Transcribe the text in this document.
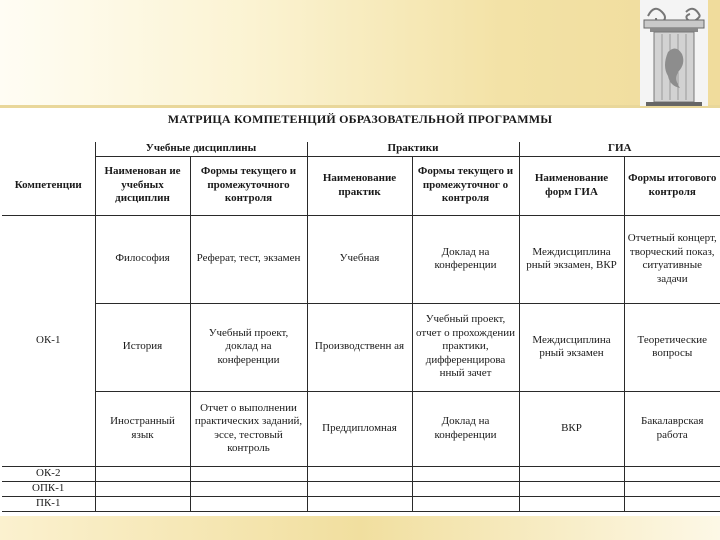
МАТРИЦА КОМПЕТЕНЦИЙ ОБРАЗОВАТЕЛЬНОЙ ПРОГРАММЫ
	Учебные дисциплины		Практики		ГИА	
Компетенции	Наименован ие учебных дисциплин	Формы текущего и промежуточного контроля	Наименование практик	Формы текущего и промежуточног о контроля	Наименование форм ГИА	Формы итогового контроля
ОК-1	Философия	Реферат, тест, экзамен	Учебная	Доклад на конференции	Междисциплина рный экзамен, ВКР	Отчетный концерт, творческий показ, ситуативные задачи
	История	Учебный проект, доклад на конференции	Производственн ая	Учебный проект, отчет о прохождении практики, дифференцирова нный зачет	Междисциплина рный экзамен	Теоретические вопросы
	Иностранный язык	Отчет о выполнении практических заданий, эссе, тестовый контроль	Преддипломная	Доклад на конференции	ВКР	Бакалаврская работа
ОК-2						
ОПК-1						
ПК-1						
